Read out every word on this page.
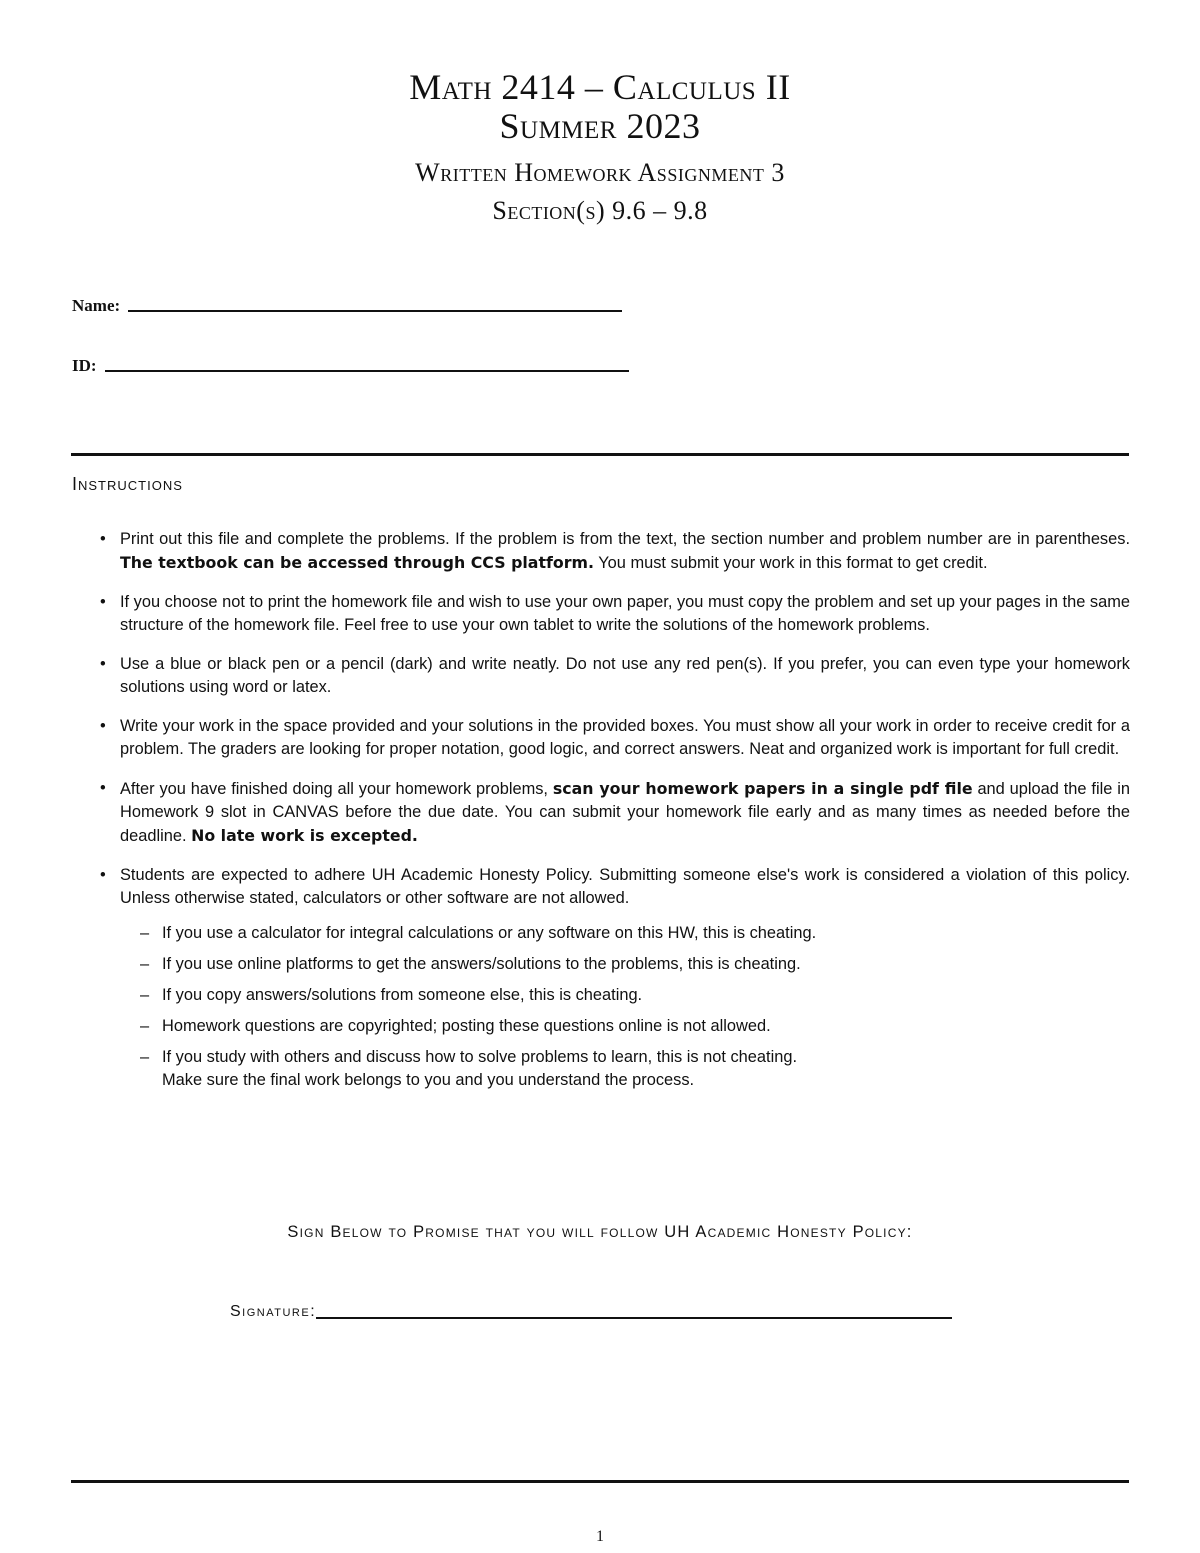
Math 2414 – Calculus II
Summer 2023
Written Homework Assignment 3
Section(s) 9.6 – 9.8
Name:
ID:
Instructions
• Print out this file and complete the problems. If the problem is from the text, the section number and problem number are in parentheses. The textbook can be accessed through CCS platform. You must submit your work in this format to get credit.
• If you choose not to print the homework file and wish to use your own paper, you must copy the problem and set up your pages in the same structure of the homework file. Feel free to use your own tablet to write the solutions of the homework problems.
• Use a blue or black pen or a pencil (dark) and write neatly. Do not use any red pen(s). If you prefer, you can even type your homework solutions using word or latex.
• Write your work in the space provided and your solutions in the provided boxes. You must show all your work in order to receive credit for a problem. The graders are looking for proper notation, good logic, and correct answers. Neat and organized work is important for full credit.
• After you have finished doing all your homework problems, scan your homework papers in a single pdf file and upload the file in Homework 9 slot in CANVAS before the due date. You can submit your homework file early and as many times as needed before the deadline. No late work is excepted.
• Students are expected to adhere UH Academic Honesty Policy. Submitting someone else's work is considered a violation of this policy. Unless otherwise stated, calculators or other software are not allowed.
– If you use a calculator for integral calculations or any software on this HW, this is cheating.
– If you use online platforms to get the answers/solutions to the problems, this is cheating.
– If you copy answers/solutions from someone else, this is cheating.
– Homework questions are copyrighted; posting these questions online is not allowed.
– If you study with others and discuss how to solve problems to learn, this is not cheating.
Make sure the final work belongs to you and you understand the process.
Sign Below to Promise that you will follow UH Academic Honesty Policy:
Signature:
1
